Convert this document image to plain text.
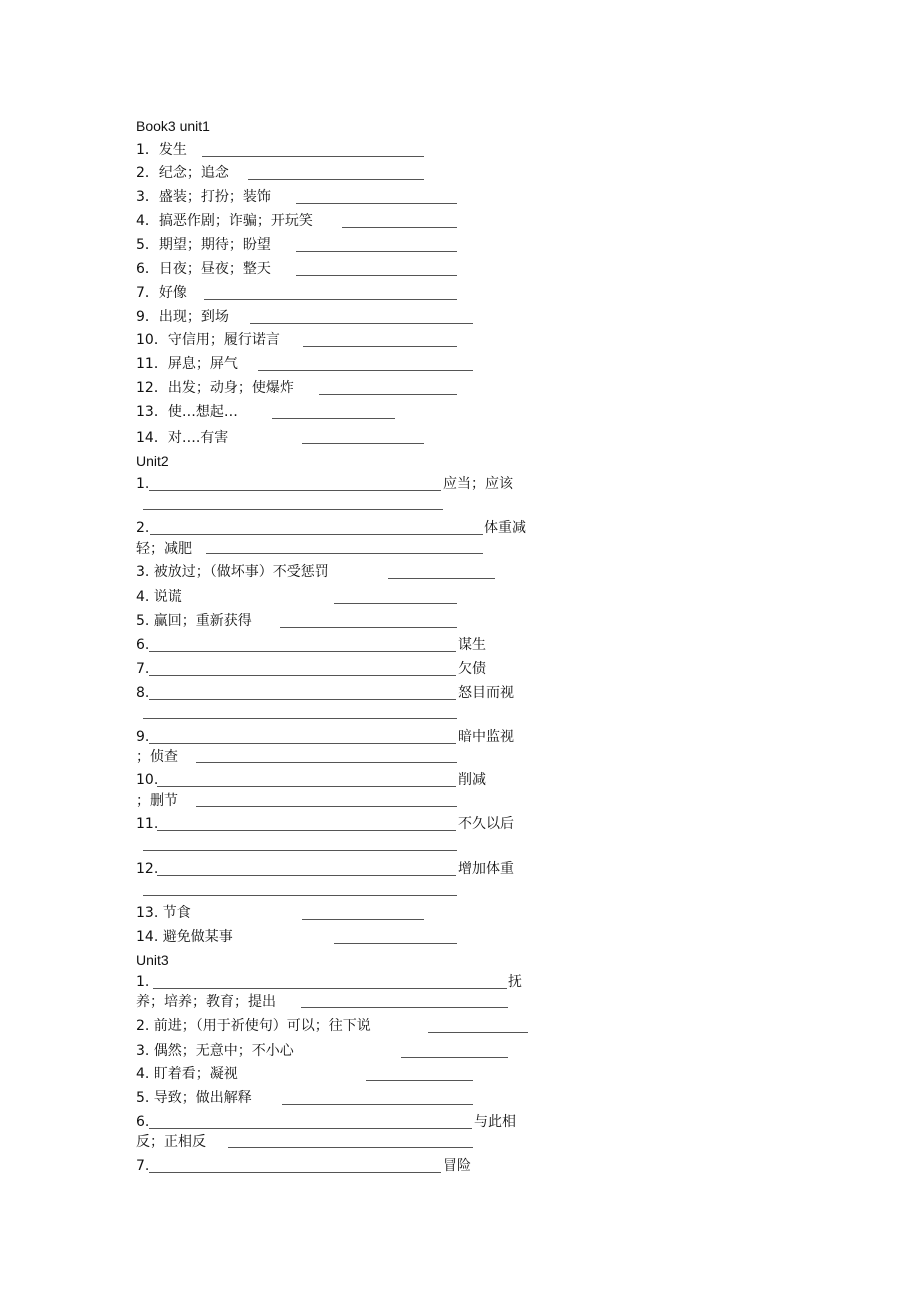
Book3 unit1
1．发生
2．纪念；追念
3．盛装；打扮；装饰
4．搞恶作剧；诈骗；开玩笑
5．期望；期待；盼望
6．日夜；昼夜；整天
7．好像
9．出现；到场
10．守信用；履行诺言
11．屏息；屏气
12．出发；动身；使爆炸
13．使…想起…
14．对….有害
Unit2
1.	应当；应该
2.	体重减
轻；减肥
3. 被放过；（做坏事）不受惩罚
4. 说谎
5. 赢回；重新获得
6.	谋生
7.	欠债
8.	怒目而视
9.	暗中监视
；侦查
10.	削减
；删节
11.	不久以后
12.	增加体重
13. 节食
14. 避免做某事
Unit3
1.	抚
养；培养；教育；提出
2. 前进；（用于祈使句）可以；往下说
3. 偶然；无意中；不小心
4. 盯着看；凝视
5. 导致；做出解释
6.	与此相
反；正相反
7.	冒险
